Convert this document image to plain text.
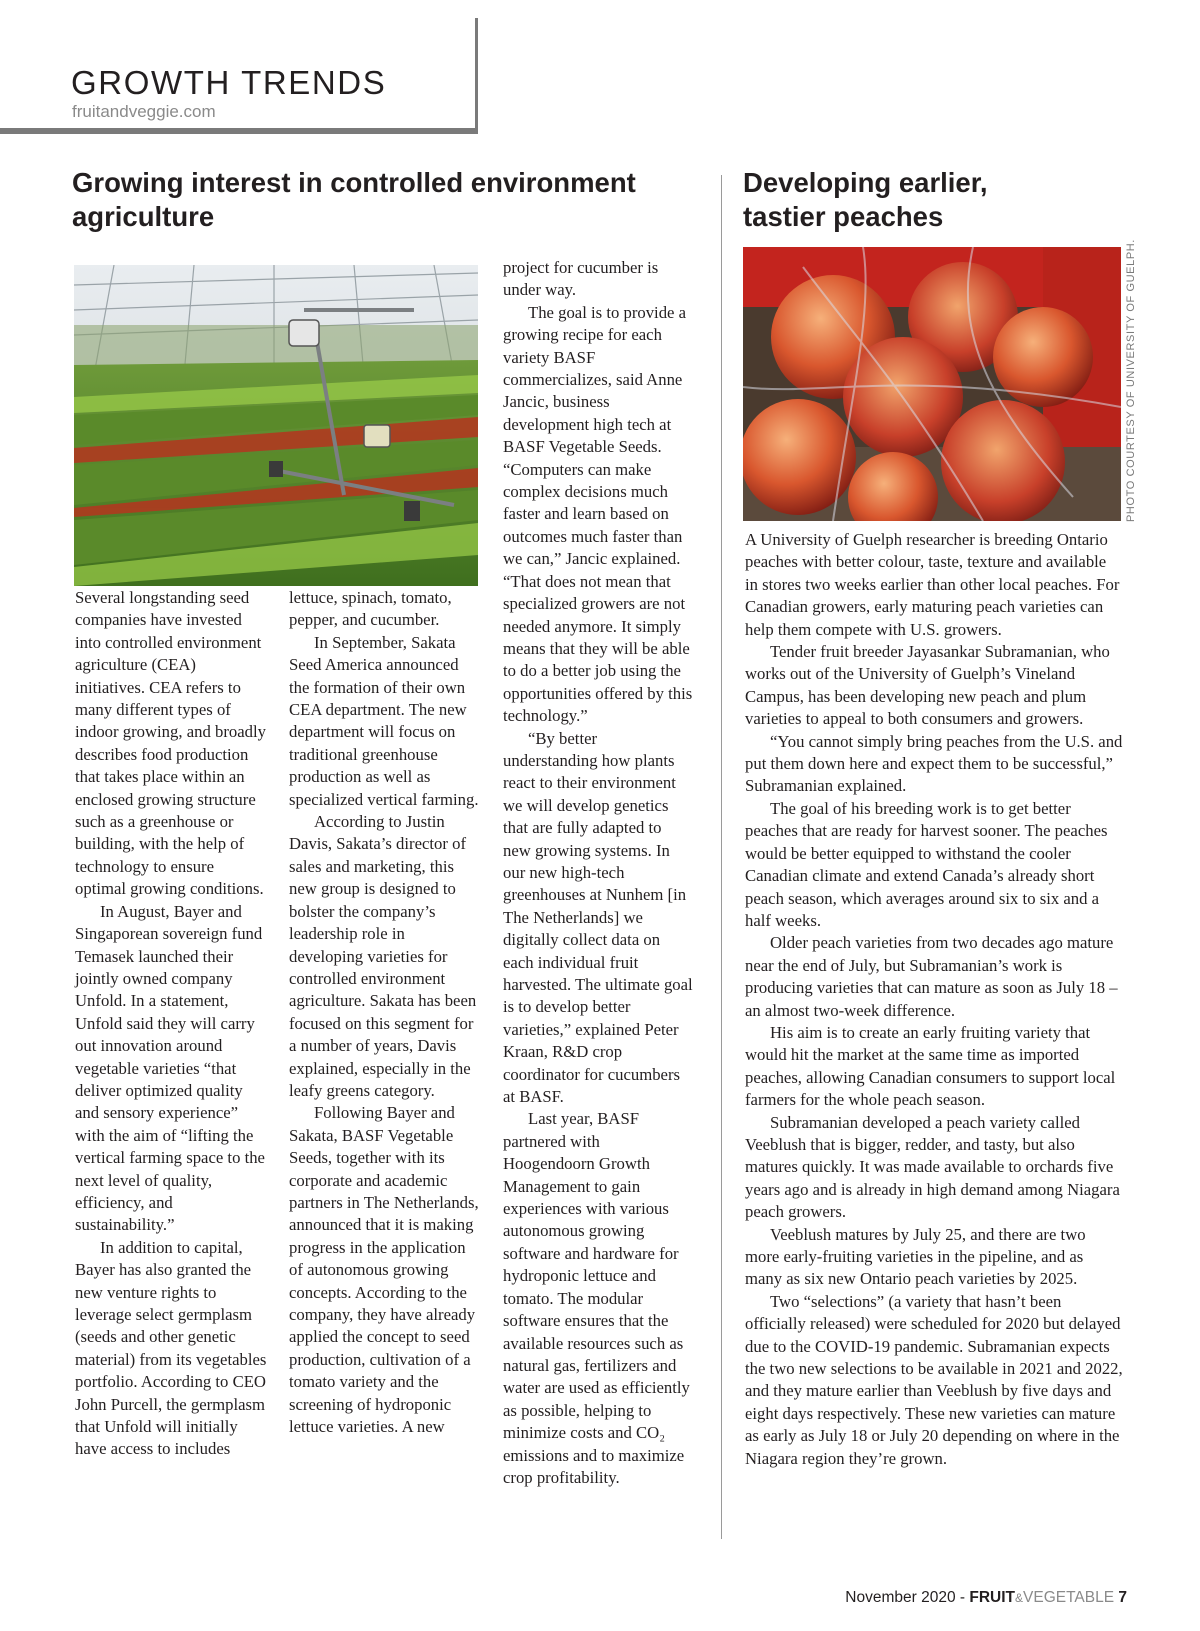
GROWTH TRENDS
fruitandveggie.com
Growing interest in controlled environment
agriculture

Several longstanding seed companies have invested into controlled environment agriculture (CEA) initiatives. CEA refers to many different types of indoor growing, and broadly describes food production that takes place within an enclosed growing structure such as a greenhouse or building, with the help of technology to ensure optimal growing conditions.

In August, Bayer and Singaporean sovereign fund Temasek launched their jointly owned company Unfold. In a statement, Unfold said they will carry out innovation around vegetable varieties “that deliver optimized quality and sensory experience” with the aim of “lifting the vertical farming space to the next level of quality, efficiency, and sustainability.”

In addition to capital, Bayer has also granted the new venture rights to leverage select germplasm (seeds and other genetic material) from its vegetables portfolio. According to CEO John Purcell, the germplasm that Unfold will initially have access to includes

lettuce, spinach, tomato, pepper, and cucumber.

In September, Sakata Seed America announced the formation of their own CEA department. The new department will focus on traditional greenhouse production as well as specialized vertical farming.

According to Justin Davis, Sakata’s director of sales and marketing, this new group is designed to bolster the company’s leadership role in developing varieties for controlled environment agriculture. Sakata has been focused on this segment for a number of years, Davis explained, especially in the leafy greens category.

Following Bayer and Sakata, BASF Vegetable Seeds, together with its corporate and academic partners in The Netherlands, announced that it is making progress in the application of autonomous growing concepts. According to the company, they have already applied the concept to seed production, cultivation of a tomato variety and the screening of hydroponic lettuce varieties. A new

project for cucumber is under way.

The goal is to provide a growing recipe for each variety BASF commercializes, said Anne Jancic, business development high tech at BASF Vegetable Seeds. “Computers can make complex decisions much faster and learn based on outcomes much faster than we can,” Jancic explained. “That does not mean that specialized growers are not needed anymore. It simply means that they will be able to do a better job using the opportunities offered by this technology.”

“By better understanding how plants react to their environment we will develop genetics that are fully adapted to new growing systems. In our new high-tech greenhouses at Nunhem [in The Netherlands] we digitally collect data on each individual fruit harvested. The ultimate goal is to develop better varieties,” explained Peter Kraan, R&D crop coordinator for cucumbers at BASF.

Last year, BASF partnered with Hoogendoorn Growth Management to gain experiences with various autonomous growing software and hardware for hydroponic lettuce and tomato. The modular software ensures that the available resources such as natural gas, fertilizers and water are used as efficiently as possible, helping to minimize costs and CO₂ emissions and to maximize crop profitability.

Developing earlier,
tastier peaches
PHOTO COURTESY OF UNIVERSITY OF GUELPH.

A University of Guelph researcher is breeding Ontario peaches with better colour, taste, texture and available in stores two weeks earlier than other local peaches. For Canadian growers, early maturing peach varieties can help them compete with U.S. growers.

Tender fruit breeder Jayasankar Subramanian, who works out of the University of Guelph’s Vineland Campus, has been developing new peach and plum varieties to appeal to both consumers and growers.

“You cannot simply bring peaches from the U.S. and put them down here and expect them to be successful,” Subramanian explained.

The goal of his breeding work is to get better peaches that are ready for harvest sooner. The peaches would be better equipped to withstand the cooler Canadian climate and extend Canada’s already short peach season, which averages around six to six and a half weeks.

Older peach varieties from two decades ago mature near the end of July, but Subramanian’s work is producing varieties that can mature as soon as July 18 – an almost two-week difference.

His aim is to create an early fruiting variety that would hit the market at the same time as imported peaches, allowing Canadian consumers to support local farmers for the whole peach season.

Subramanian developed a peach variety called Veeblush that is bigger, redder, and tasty, but also matures quickly. It was made available to orchards five years ago and is already in high demand among Niagara peach growers.

Veeblush matures by July 25, and there are two more early-fruiting varieties in the pipeline, and as many as six new Ontario peach varieties by 2025.

Two “selections” (a variety that hasn’t been officially released) were scheduled for 2020 but delayed due to the COVID-19 pandemic. Subramanian expects the two new selections to be available in 2021 and 2022, and they mature earlier than Veeblush by five days and eight days respectively. These new varieties can mature as early as July 18 or July 20 depending on where in the Niagara region they’re grown.

November 2020 - FRUIT&VEGETABLE 7
